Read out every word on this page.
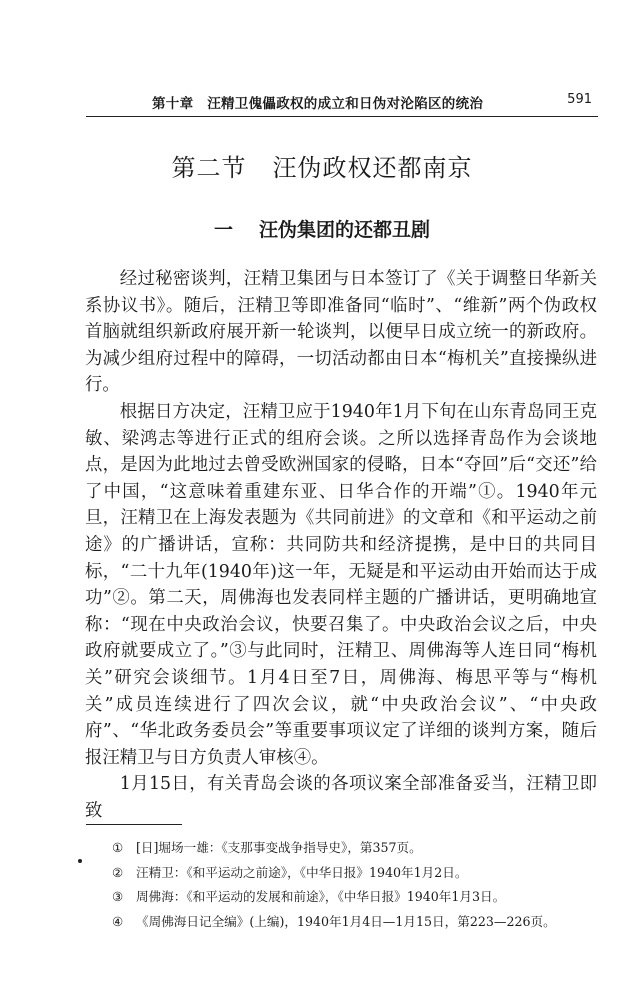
第十章　汪精卫傀儡政权的成立和日伪对沦陷区的统治	591
第二节 汪伪政权还都南京
一 汪伪集团的还都丑剧

经过秘密谈判，汪精卫集团与日本签订了《关于调整日华新关系协议书》。随后，汪精卫等即准备同“临时”、“维新”两个伪政权首脑就组织新政府展开新一轮谈判，以便早日成立统一的新政府。为减少组府过程中的障碍，一切活动都由日本“梅机关”直接操纵进行。

根据日方决定，汪精卫应于1940年1月下旬在山东青岛同王克敏、梁鸿志等进行正式的组府会谈。之所以选择青岛作为会谈地点，是因为此地过去曾受欧洲国家的侵略，日本“夺回”后“交还”给了中国，“这意味着重建东亚、日华合作的开端”①。1940年元旦，汪精卫在上海发表题为《共同前进》的文章和《和平运动之前途》的广播讲话，宣称：共同防共和经济提携，是中日的共同目标，“二十九年(1940年)这一年，无疑是和平运动由开始而达于成功”②。第二天，周佛海也发表同样主题的广播讲话，更明确地宣称：“现在中央政治会议，快要召集了。中央政治会议之后，中央政府就要成立了。”③与此同时，汪精卫、周佛海等人连日同“梅机关”研究会谈细节。1月4日至7日，周佛海、梅思平等与“梅机关”成员连续进行了四次会议，就“中央政治会议”、“中央政府”、“华北政务委员会”等重要事项议定了详细的谈判方案，随后报汪精卫与日方负责人审核④。

1月15日，有关青岛会谈的各项议案全部准备妥当，汪精卫即致

① [日]堀场一雄：《支那事变战争指导史》，第357页。
② 汪精卫：《和平运动之前途》，《中华日报》1940年1月2日。
③ 周佛海：《和平运动的发展和前途》，《中华日报》1940年1月3日。
④ 《周佛海日记全编》(上编)，1940年1月4日—1月15日，第223—226页。
